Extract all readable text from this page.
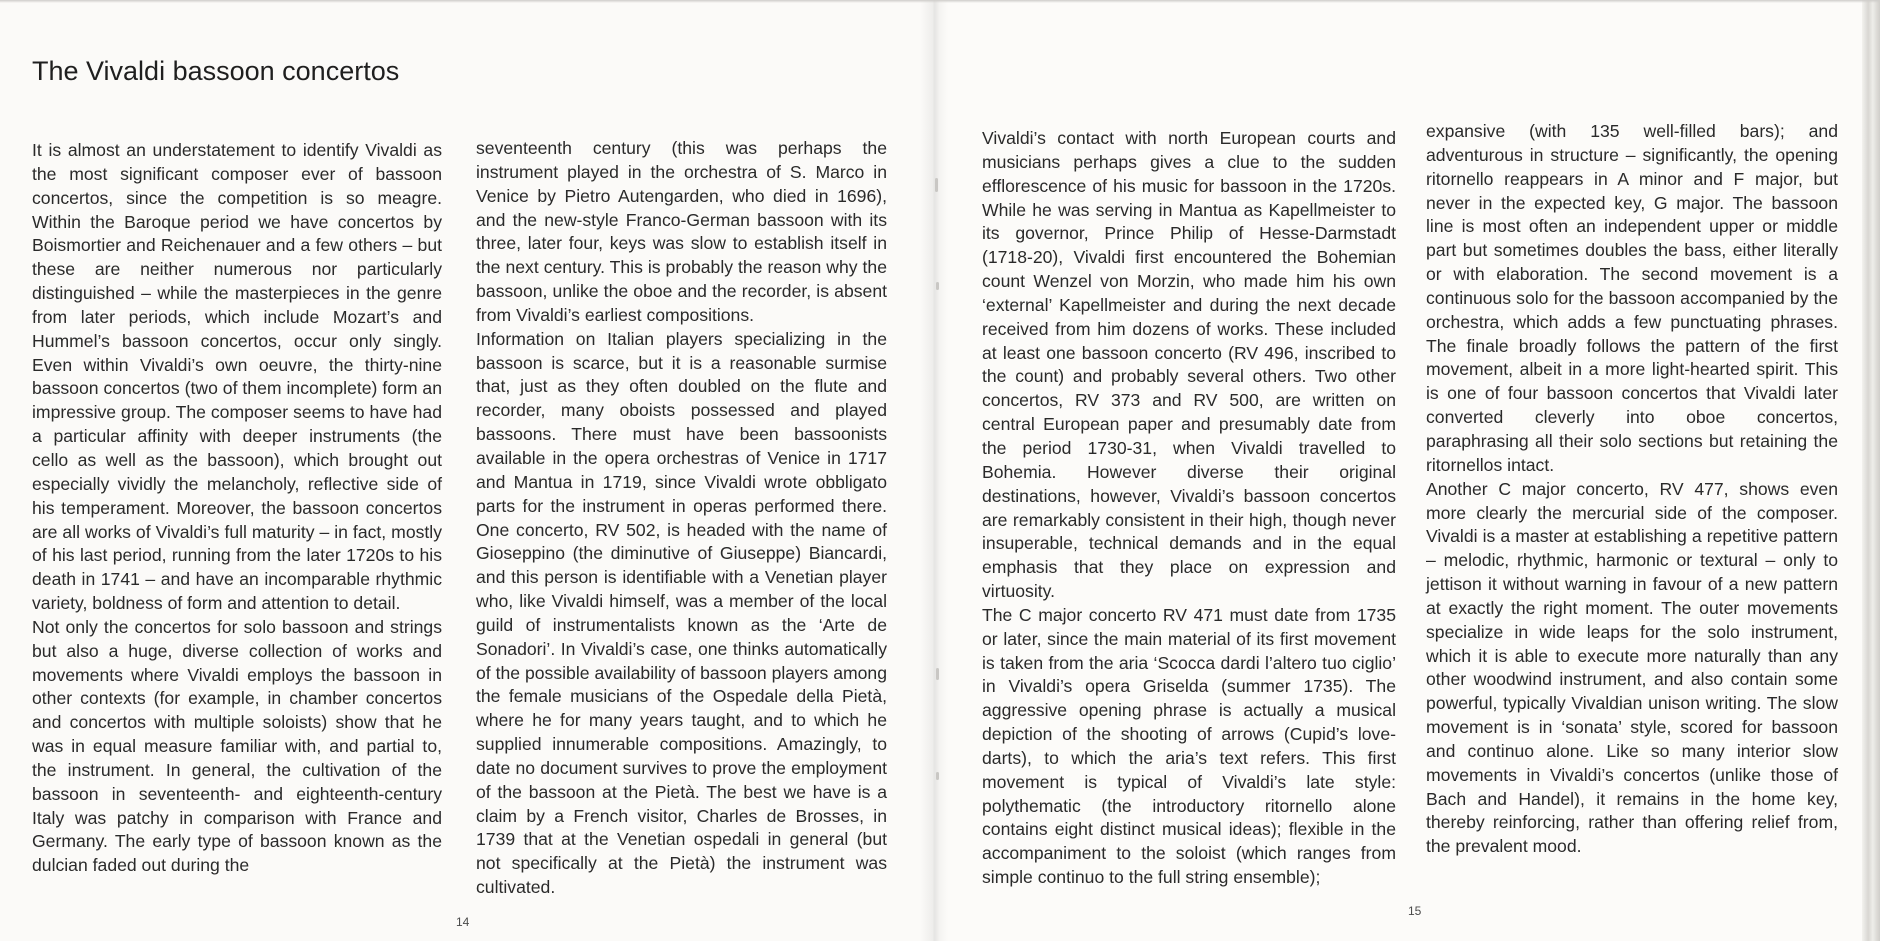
The Vivaldi bassoon concertos

It is almost an understatement to identify Vivaldi as the most significant composer ever of bassoon concertos, since the competition is so meagre. Within the Baroque period we have concertos by Boismortier and Reichenauer and a few others – but these are neither numerous nor particularly distinguished – while the masterpieces in the genre from later periods, which include Mozart’s and Hummel’s bassoon concertos, occur only singly. Even within Vivaldi’s own oeuvre, the thirty-nine bassoon concertos (two of them incomplete) form an impressive group. The composer seems to have had a particular affinity with deeper instruments (the cello as well as the bassoon), which brought out especially vividly the melancholy, reflective side of his temperament. Moreover, the bassoon concertos are all works of Vivaldi’s full maturity – in fact, mostly of his last period, running from the later 1720s to his death in 1741 – and have an incomparable rhythmic variety, boldness of form and attention to detail.

Not only the concertos for solo bassoon and strings but also a huge, diverse collection of works and movements where Vivaldi employs the bassoon in other contexts (for example, in chamber concertos and concertos with multiple soloists) show that he was in equal measure familiar with, and partial to, the instrument. In general, the cultivation of the bassoon in seventeenth- and eighteenth-century Italy was patchy in comparison with France and Germany. The early type of bassoon known as the dulcian faded out during the

seventeenth century (this was perhaps the instrument played in the orchestra of S. Marco in Venice by Pietro Autengarden, who died in 1696), and the new-style Franco-German bassoon with its three, later four, keys was slow to establish itself in the next century. This is probably the reason why the bassoon, unlike the oboe and the recorder, is absent from Vivaldi’s earliest compositions.

Information on Italian players specializing in the bassoon is scarce, but it is a reasonable surmise that, just as they often doubled on the flute and recorder, many oboists possessed and played bassoons. There must have been bassoonists available in the opera orchestras of Venice in 1717 and Mantua in 1719, since Vivaldi wrote obbligato parts for the instrument in operas performed there. One concerto, RV 502, is headed with the name of Gioseppino (the diminutive of Giuseppe) Biancardi, and this person is identifiable with a Venetian player who, like Vivaldi himself, was a member of the local guild of instrumentalists known as the ‘Arte de Sonadori’. In Vivaldi’s case, one thinks automatically of the possible availability of bassoon players among the female musicians of the Ospedale della Pietà, where he for many years taught, and to which he supplied innumerable compositions. Amazingly, to date no document survives to prove the employment of the bassoon at the Pietà. The best we have is a claim by a French visitor, Charles de Brosses, in 1739 that at the Venetian ospedali in general (but not specifically at the Pietà) the instrument was cultivated.

Vivaldi’s contact with north European courts and musicians perhaps gives a clue to the sudden efflorescence of his music for bassoon in the 1720s. While he was serving in Mantua as Kapellmeister to its governor, Prince Philip of Hesse-Darmstadt (1718-20), Vivaldi first encountered the Bohemian count Wenzel von Morzin, who made him his own ‘external’ Kapellmeister and during the next decade received from him dozens of works. These included at least one bassoon concerto (RV 496, inscribed to the count) and probably several others. Two other concertos, RV 373 and RV 500, are written on central European paper and presumably date from the period 1730-31, when Vivaldi travelled to Bohemia. However diverse their original destinations, however, Vivaldi’s bassoon concertos are remarkably consistent in their high, though never insuperable, technical demands and in the equal emphasis that they place on expression and virtuosity.

The C major concerto RV 471 must date from 1735 or later, since the main material of its first movement is taken from the aria ‘Scocca dardi l’altero tuo ciglio’ in Vivaldi’s opera Griselda (summer 1735). The aggressive opening phrase is actually a musical depiction of the shooting of arrows (Cupid’s love-darts), to which the aria’s text refers. This first movement is typical of Vivaldi’s late style: polythematic (the introductory ritornello alone contains eight distinct musical ideas); flexible in the accompaniment to the soloist (which ranges from simple continuo to the full string ensemble);

expansive (with 135 well-filled bars); and adventurous in structure – significantly, the opening ritornello reappears in A minor and F major, but never in the expected key, G major. The bassoon line is most often an independent upper or middle part but sometimes doubles the bass, either literally or with elaboration. The second movement is a continuous solo for the bassoon accompanied by the orchestra, which adds a few punctuating phrases. The finale broadly follows the pattern of the first movement, albeit in a more light-hearted spirit. This is one of four bassoon concertos that Vivaldi later converted cleverly into oboe concertos, paraphrasing all their solo sections but retaining the ritornellos intact.

Another C major concerto, RV 477, shows even more clearly the mercurial side of the composer. Vivaldi is a master at establishing a repetitive pattern – melodic, rhythmic, harmonic or textural – only to jettison it without warning in favour of a new pattern at exactly the right moment. The outer movements specialize in wide leaps for the solo instrument, which it is able to execute more naturally than any other woodwind instrument, and also contain some powerful, typically Vivaldian unison writing. The slow movement is in ‘sonata’ style, scored for bassoon and continuo alone. Like so many interior slow movements in Vivaldi’s concertos (unlike those of Bach and Handel), it remains in the home key, thereby reinforcing, rather than offering relief from, the prevalent mood.

14
15
